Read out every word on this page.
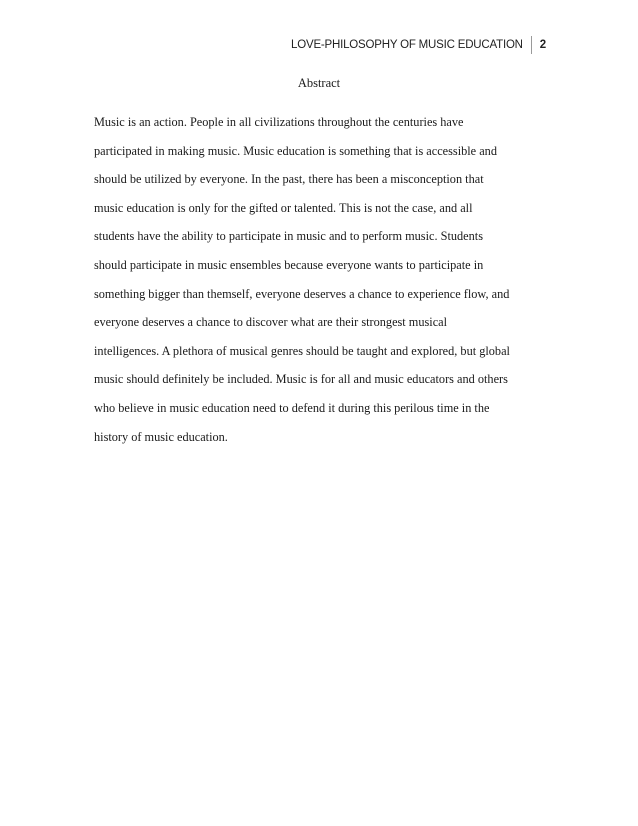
LOVE-PHILOSOPHY OF MUSIC EDUCATION	2
Abstract
Music is an action. People in all civilizations throughout the centuries have
participated in making music. Music education is something that is accessible and
should be utilized by everyone. In the past, there has been a misconception that
music education is only for the gifted or talented. This is not the case, and all
students have the ability to participate in music and to perform music. Students
should participate in music ensembles because everyone wants to participate in
something bigger than themself, everyone deserves a chance to experience flow, and
everyone deserves a chance to discover what are their strongest musical
intelligences. A plethora of musical genres should be taught and explored, but global
music should definitely be included. Music is for all and music educators and others
who believe in music education need to defend it during this perilous time in the
history of music education.
